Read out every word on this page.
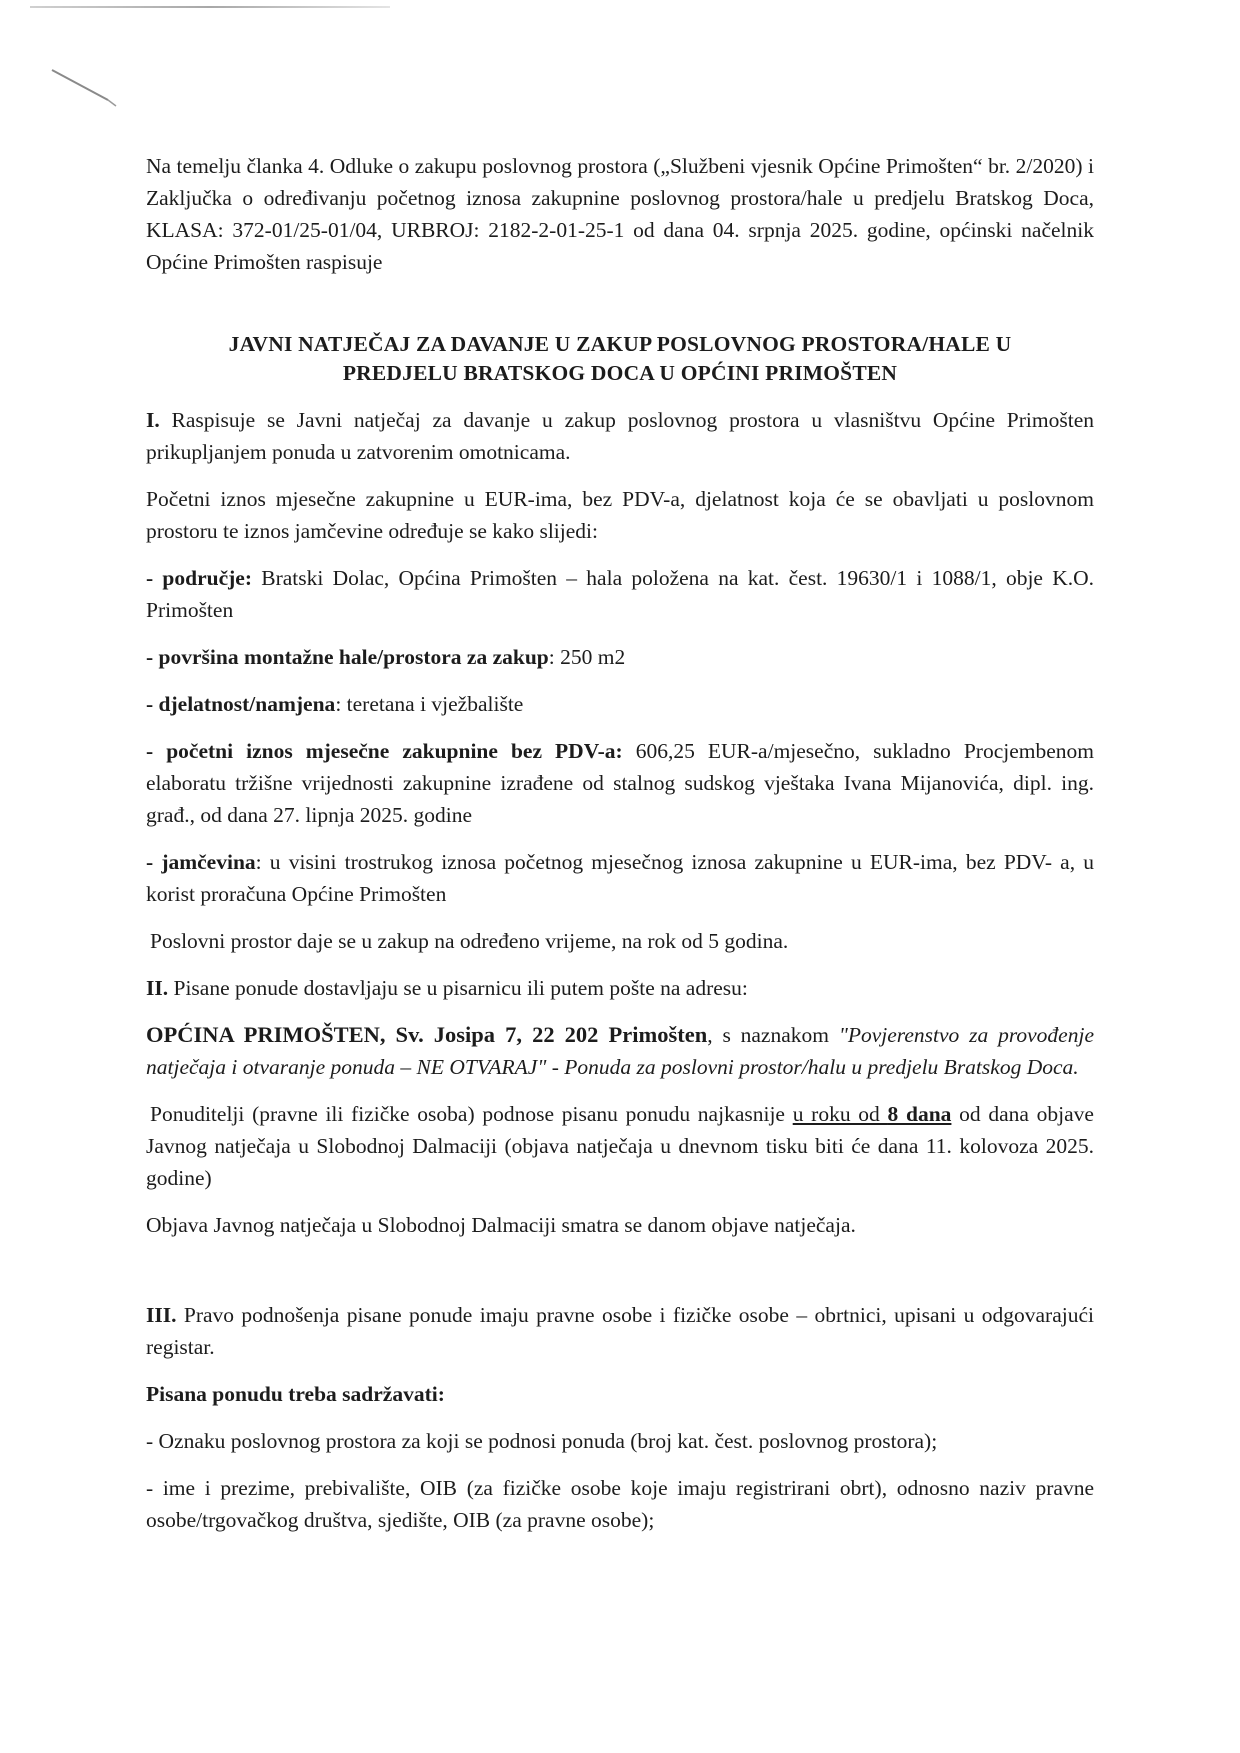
Na temelju članka 4. Odluke o zakupu poslovnog prostora („Službeni vjesnik Općine Primošten“ br. 2/2020) i Zaključka o određivanju početnog iznosa zakupnine poslovnog prostora/hale u predjelu Bratskog Doca, KLASA: 372-01/25-01/04, URBROJ: 2182-2-01-25-1 od dana 04. srpnja 2025. godine, općinski načelnik Općine Primošten raspisuje

JAVNI NATJEČAJ ZA DAVANJE U ZAKUP POSLOVNOG PROSTORA/HALE U
PREDJELU BRATSKOG DOCA U OPĆINI PRIMOŠTEN

I. Raspisuje se Javni natječaj za davanje u zakup poslovnog prostora u vlasništvu Općine Primošten prikupljanjem ponuda u zatvorenim omotnicama.

Početni iznos mjesečne zakupnine u EUR-ima, bez PDV-a, djelatnost koja će se obavljati u poslovnom prostoru te iznos jamčevine određuje se kako slijedi:

- područje: Bratski Dolac, Općina Primošten – hala položena na kat. čest. 19630/1 i 1088/1, obje K.O. Primošten

- površina montažne hale/prostora za zakup: 250 m2

- djelatnost/namjena: teretana i vježbalište

- početni iznos mjesečne zakupnine bez PDV-a: 606,25 EUR-a/mjesečno, sukladno Procjembenom elaboratu tržišne vrijednosti zakupnine izrađene od stalnog sudskog vještaka Ivana Mijanovića, dipl. ing. građ., od dana 27. lipnja 2025. godine

- jamčevina: u visini trostrukog iznosa početnog mjesečnog iznosa zakupnine u EUR-ima, bez PDV- a, u korist proračuna Općine Primošten

Poslovni prostor daje se u zakup na određeno vrijeme, na rok od 5 godina.

II. Pisane ponude dostavljaju se u pisarnicu ili putem pošte na adresu:

OPĆINA PRIMOŠTEN, Sv. Josipa 7, 22 202 Primošten, s naznakom "Povjerenstvo za provođenje natječaja i otvaranje ponuda – NE OTVARAJ" - Ponuda za poslovni prostor/halu u predjelu Bratskog Doca.

Ponuditelji (pravne ili fizičke osoba) podnose pisanu ponudu najkasnije u roku od 8 dana od dana objave Javnog natječaja u Slobodnoj Dalmaciji (objava natječaja u dnevnom tisku biti će dana 11. kolovoza 2025. godine)

Objava Javnog natječaja u Slobodnoj Dalmaciji smatra se danom objave natječaja.

III. Pravo podnošenja pisane ponude imaju pravne osobe i fizičke osobe – obrtnici, upisani u odgovarajući registar.

Pisana ponudu treba sadržavati:

- Oznaku poslovnog prostora za koji se podnosi ponuda (broj kat. čest. poslovnog prostora);

- ime i prezime, prebivalište, OIB (za fizičke osobe koje imaju registrirani obrt), odnosno naziv pravne osobe/trgovačkog društva, sjedište, OIB (za pravne osobe);
